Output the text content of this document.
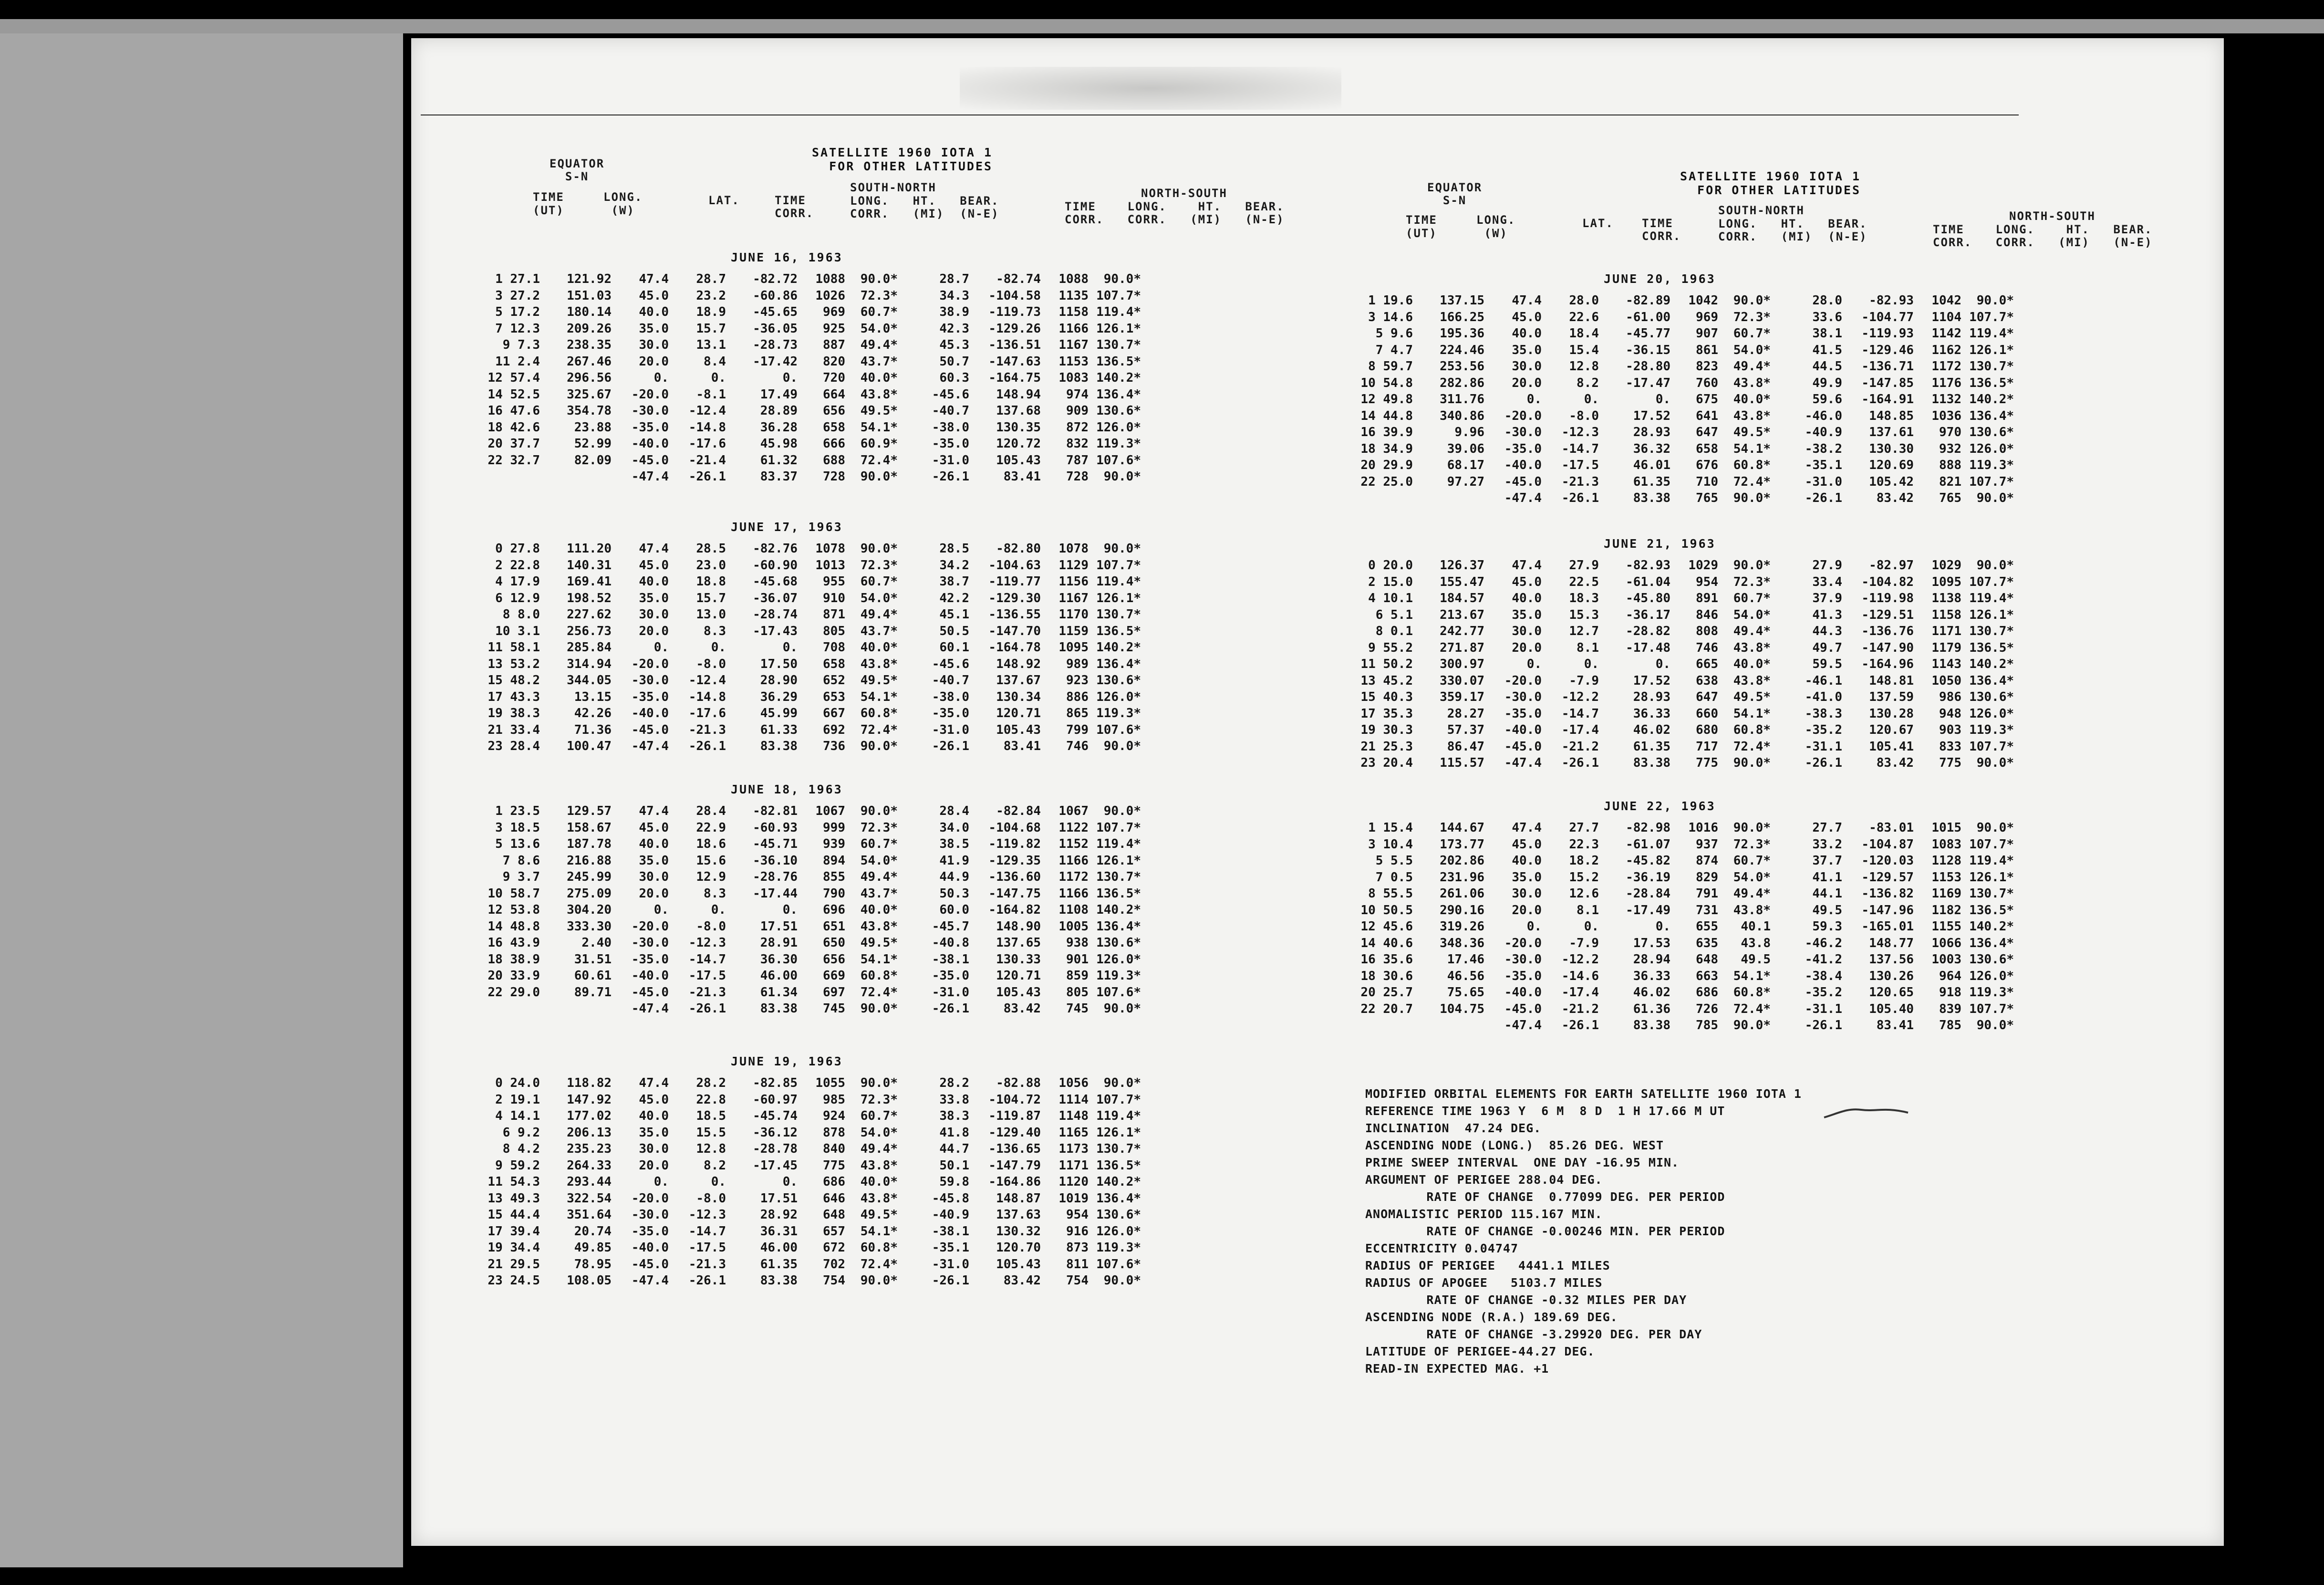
EQUATOR
S-N
SATELLITE 1960 IOTA 1
FOR OTHER LATITUDES
TIME     LONG.
(UT)      (W)
LAT.	TIME
CORR.
SOUTH-NORTH
LONG.   HT.   BEAR.
CORR.   (MI)  (N-E)
NORTH-SOUTH
TIME    LONG.    HT.   BEAR.
CORR.   CORR.   (MI)   (N-E)
EQUATOR
S-N
SATELLITE 1960 IOTA 1
FOR OTHER LATITUDES
TIME     LONG.
(UT)      (W)
LAT. TIME
CORR.
SOUTH-NORTH
LONG.   HT.   BEAR.
CORR.   (MI)  (N-E)
NORTH-SOUTH
TIME    LONG.    HT.   BEAR.
CORR.   CORR.   (MI)   (N-E)
JUNE 16, 1963
1 27.1	121.92	47.4	28.7	-82.72	1088	90.0*	28.7	-82.74	1088	90.0*
3 27.2	151.03	45.0	23.2	-60.86	1026	72.3*	34.3	-104.58	1135 107.7*
5 17.2	180.14	40.0	18.9	-45.65	969	60.7*	38.9	-119.73	1158 119.4*
7 12.3	209.26	35.0	15.7	-36.05	925	54.0*	42.3	-129.26	1166 126.1*
9 7.3	238.35	30.0	13.1	-28.73	887	49.4*	45.3	-136.51	1167 130.7*
11 2.4	267.46	20.0	8.4	-17.42	820	43.7*	50.7	-147.63	1153 136.5*
12 57.4	296.56	0.	0.	0.	720	40.0*	60.3	-164.75	1083 140.2*
14 52.5	325.67	-20.0	-8.1	17.49	664	43.8*	-45.6	148.94	974 136.4*
16 47.6	354.78	-30.0	-12.4	28.89	656	49.5*	-40.7	137.68	909 130.6*
18 42.6	23.88	-35.0	-14.8	36.28	658	54.1*	-38.0	130.35	872 126.0*
20 37.7	52.99	-40.0	-17.6	45.98	666	60.9*	-35.0	120.72	832 119.3*
22 32.7	82.09	-45.0	-21.4	61.32	688	72.4*	-31.0	105.43	787 107.6*
-47.4	-26.1	83.37	728	90.0*	-26.1	83.41	728	90.0*
JUNE 17, 1963
0 27.8	111.20	47.4	28.5	-82.76	1078	90.0*	28.5	-82.80	1078	90.0*
2 22.8	140.31	45.0	23.0	-60.90	1013	72.3*	34.2	-104.63	1129 107.7*
4 17.9	169.41	40.0	18.8	-45.68	955	60.7*	38.7	-119.77	1156 119.4*
6 12.9	198.52	35.0	15.7	-36.07	910	54.0*	42.2	-129.30	1167 126.1*
8 8.0	227.62	30.0	13.0	-28.74	871	49.4*	45.1	-136.55	1170 130.7*
10 3.1	256.73	20.0	8.3	-17.43	805	43.7*	50.5	-147.70	1159 136.5*
11 58.1	285.84	0.	0.	0.	708	40.0*	60.1	-164.78	1095 140.2*
13 53.2	314.94	-20.0	-8.0	17.50	658	43.8*	-45.6	148.92	989 136.4*
15 48.2	344.05	-30.0	-12.4	28.90	652	49.5*	-40.7	137.67	923 130.6*
17 43.3	13.15	-35.0	-14.8	36.29	653	54.1*	-38.0	130.34	886 126.0*
19 38.3	42.26	-40.0	-17.6	45.99	667	60.8*	-35.0	120.71	865 119.3*
21 33.4	71.36	-45.0	-21.3	61.33	692	72.4*	-31.0	105.43	799 107.6*
23 28.4	100.47	-47.4	-26.1	83.38	736	90.0*	-26.1	83.41	746	90.0*
JUNE 18, 1963
1 23.5	129.57	47.4	28.4	-82.81	1067	90.0*	28.4	-82.84	1067	90.0*
3 18.5	158.67	45.0	22.9	-60.93	999	72.3*	34.0	-104.68	1122 107.7*
5 13.6	187.78	40.0	18.6	-45.71	939	60.7*	38.5	-119.82	1152 119.4*
7 8.6	216.88	35.0	15.6	-36.10	894	54.0*	41.9	-129.35	1166 126.1*
9 3.7	245.99	30.0	12.9	-28.76	855	49.4*	44.9	-136.60	1172 130.7*
10 58.7	275.09	20.0	8.3	-17.44	790	43.7*	50.3	-147.75	1166 136.5*
12 53.8	304.20	0.	0.	0.	696	40.0*	60.0	-164.82	1108 140.2*
14 48.8	333.30	-20.0	-8.0	17.51	651	43.8*	-45.7	148.90	1005 136.4*
16 43.9	2.40	-30.0	-12.3	28.91	650	49.5*	-40.8	137.65	938 130.6*
18 38.9	31.51	-35.0	-14.7	36.30	656	54.1*	-38.1	130.33	901 126.0*
20 33.9	60.61	-40.0	-17.5	46.00	669	60.8*	-35.0	120.71	859 119.3*
22 29.0	89.71	-45.0	-21.3	61.34	697	72.4*	-31.0	105.43	805 107.6*
-47.4	-26.1	83.38	745	90.0*	-26.1	83.42	745	90.0*
JUNE 19, 1963
0 24.0	118.82	47.4	28.2	-82.85	1055	90.0*	28.2	-82.88	1056	90.0*
2 19.1	147.92	45.0	22.8	-60.97	985	72.3*	33.8	-104.72	1114 107.7*
4 14.1	177.02	40.0	18.5	-45.74	924	60.7*	38.3	-119.87	1148 119.4*
6 9.2	206.13	35.0	15.5	-36.12	878	54.0*	41.8	-129.40	1165 126.1*
8 4.2	235.23	30.0	12.8	-28.78	840	49.4*	44.7	-136.65	1173 130.7*
9 59.2	264.33	20.0	8.2	-17.45	775	43.8*	50.1	-147.79	1171 136.5*
11 54.3	293.44	0.	0.	0.	686	40.0*	59.8	-164.86	1120 140.2*
13 49.3	322.54	-20.0	-8.0	17.51	646	43.8*	-45.8	148.87	1019 136.4*
15 44.4	351.64	-30.0	-12.3	28.92	648	49.5*	-40.9	137.63	954 130.6*
17 39.4	20.74	-35.0	-14.7	36.31	657	54.1*	-38.1	130.32	916 126.0*
19 34.4	49.85	-40.0	-17.5	46.00	672	60.8*	-35.1	120.70	873 119.3*
21 29.5	78.95	-45.0	-21.3	61.35	702	72.4*	-31.0	105.43	811 107.6*
23 24.5	108.05	-47.4	-26.1	83.38	754	90.0*	-26.1	83.42	754	90.0*
JUNE 20, 1963
1 19.6	137.15	47.4	28.0	-82.89	1042	90.0*	28.0	-82.93	1042	90.0*
3 14.6	166.25	45.0	22.6	-61.00	969	72.3*	33.6	-104.77	1104 107.7*
5 9.6	195.36	40.0	18.4	-45.77	907	60.7*	38.1	-119.93	1142 119.4*
7 4.7	224.46	35.0	15.4	-36.15	861	54.0*	41.5	-129.46	1162 126.1*
8 59.7	253.56	30.0	12.8	-28.80	823	49.4*	44.5	-136.71	1172 130.7*
10 54.8	282.86	20.0	8.2	-17.47	760	43.8*	49.9	-147.85	1176 136.5*
12 49.8	311.76	0.	0.	0.	675	40.0*	59.6	-164.91	1132 140.2*
14 44.8	340.86	-20.0	-8.0	17.52	641	43.8*	-46.0	148.85	1036 136.4*
16 39.9	9.96	-30.0	-12.3	28.93	647	49.5*	-40.9	137.61	970 130.6*
18 34.9	39.06	-35.0	-14.7	36.32	658	54.1*	-38.2	130.30	932 126.0*
20 29.9	68.17	-40.0	-17.5	46.01	676	60.8*	-35.1	120.69	888 119.3*
22 25.0	97.27	-45.0	-21.3	61.35	710	72.4*	-31.0	105.42	821 107.7*
-47.4	-26.1	83.38	765	90.0*	-26.1	83.42	765	90.0*
JUNE 21, 1963
0 20.0	126.37	47.4	27.9	-82.93	1029	90.0*	27.9	-82.97	1029	90.0*
2 15.0	155.47	45.0	22.5	-61.04	954	72.3*	33.4	-104.82	1095 107.7*
4 10.1	184.57	40.0	18.3	-45.80	891	60.7*	37.9	-119.98	1138 119.4*
6 5.1	213.67	35.0	15.3	-36.17	846	54.0*	41.3	-129.51	1158 126.1*
8 0.1	242.77	30.0	12.7	-28.82	808	49.4*	44.3	-136.76	1171 130.7*
9 55.2	271.87	20.0	8.1	-17.48	746	43.8*	49.7	-147.90	1179 136.5*
11 50.2	300.97	0.	0.	0.	665	40.0*	59.5	-164.96	1143 140.2*
13 45.2	330.07	-20.0	-7.9	17.52	638	43.8*	-46.1	148.81	1050 136.4*
15 40.3	359.17	-30.0	-12.2	28.93	647	49.5*	-41.0	137.59	986 130.6*
17 35.3	28.27	-35.0	-14.7	36.33	660	54.1*	-38.3	130.28	948 126.0*
19 30.3	57.37	-40.0	-17.4	46.02	680	60.8*	-35.2	120.67	903 119.3*
21 25.3	86.47	-45.0	-21.2	61.35	717	72.4*	-31.1	105.41	833 107.7*
23 20.4	115.57	-47.4	-26.1	83.38	775	90.0*	-26.1	83.42	775	90.0*
JUNE 22, 1963
1 15.4	144.67	47.4	27.7	-82.98	1016	90.0*	27.7	-83.01	1015	90.0*
3 10.4	173.77	45.0	22.3	-61.07	937	72.3*	33.2	-104.87	1083 107.7*
5 5.5	202.86	40.0	18.2	-45.82	874	60.7*	37.7	-120.03	1128 119.4*
7 0.5	231.96	35.0	15.2	-36.19	829	54.0*	41.1	-129.57	1153 126.1*
8 55.5	261.06	30.0	12.6	-28.84	791	49.4*	44.1	-136.82	1169 130.7*
10 50.5	290.16	20.0	8.1	-17.49	731	43.8*	49.5	-147.96	1182 136.5*
12 45.6	319.26	0.	0.	0.	655	40.1	59.3	-165.01	1155 140.2*
14 40.6	348.36	-20.0	-7.9	17.53	635	43.8	-46.2	148.77	1066 136.4*
16 35.6	17.46	-30.0	-12.2	28.94	648	49.5	-41.2	137.56	1003 130.6*
18 30.6	46.56	-35.0	-14.6	36.33	663	54.1*	-38.4	130.26	964 126.0*
20 25.7	75.65	-40.0	-17.4	46.02	686	60.8*	-35.2	120.65	918 119.3*
22 20.7	104.75	-45.0	-21.2	61.36	726	72.4*	-31.1	105.40	839 107.7*
-47.4	-26.1	83.38	785	90.0*	-26.1	83.41	785	90.0*
MODIFIED ORBITAL ELEMENTS FOR EARTH SATELLITE 1960 IOTA 1
REFERENCE TIME 1963 Y  6 M  8 D  1 H 17.66 M UT
INCLINATION  47.24 DEG.
ASCENDING NODE (LONG.)  85.26 DEG. WEST
PRIME SWEEP INTERVAL  ONE DAY -16.95 MIN.
ARGUMENT OF PERIGEE 288.04 DEG.
RATE OF CHANGE  0.77099 DEG. PER PERIOD
ANOMALISTIC PERIOD 115.167 MIN.
RATE OF CHANGE -0.00246 MIN. PER PERIOD
ECCENTRICITY 0.04747
RADIUS OF PERIGEE   4441.1 MILES
RADIUS OF APOGEE   5103.7 MILES
RATE OF CHANGE -0.32 MILES PER DAY
ASCENDING NODE (R.A.) 189.69 DEG.
RATE OF CHANGE -3.29920 DEG. PER DAY
LATITUDE OF PERIGEE-44.27 DEG.
READ-IN EXPECTED MAG. +1
